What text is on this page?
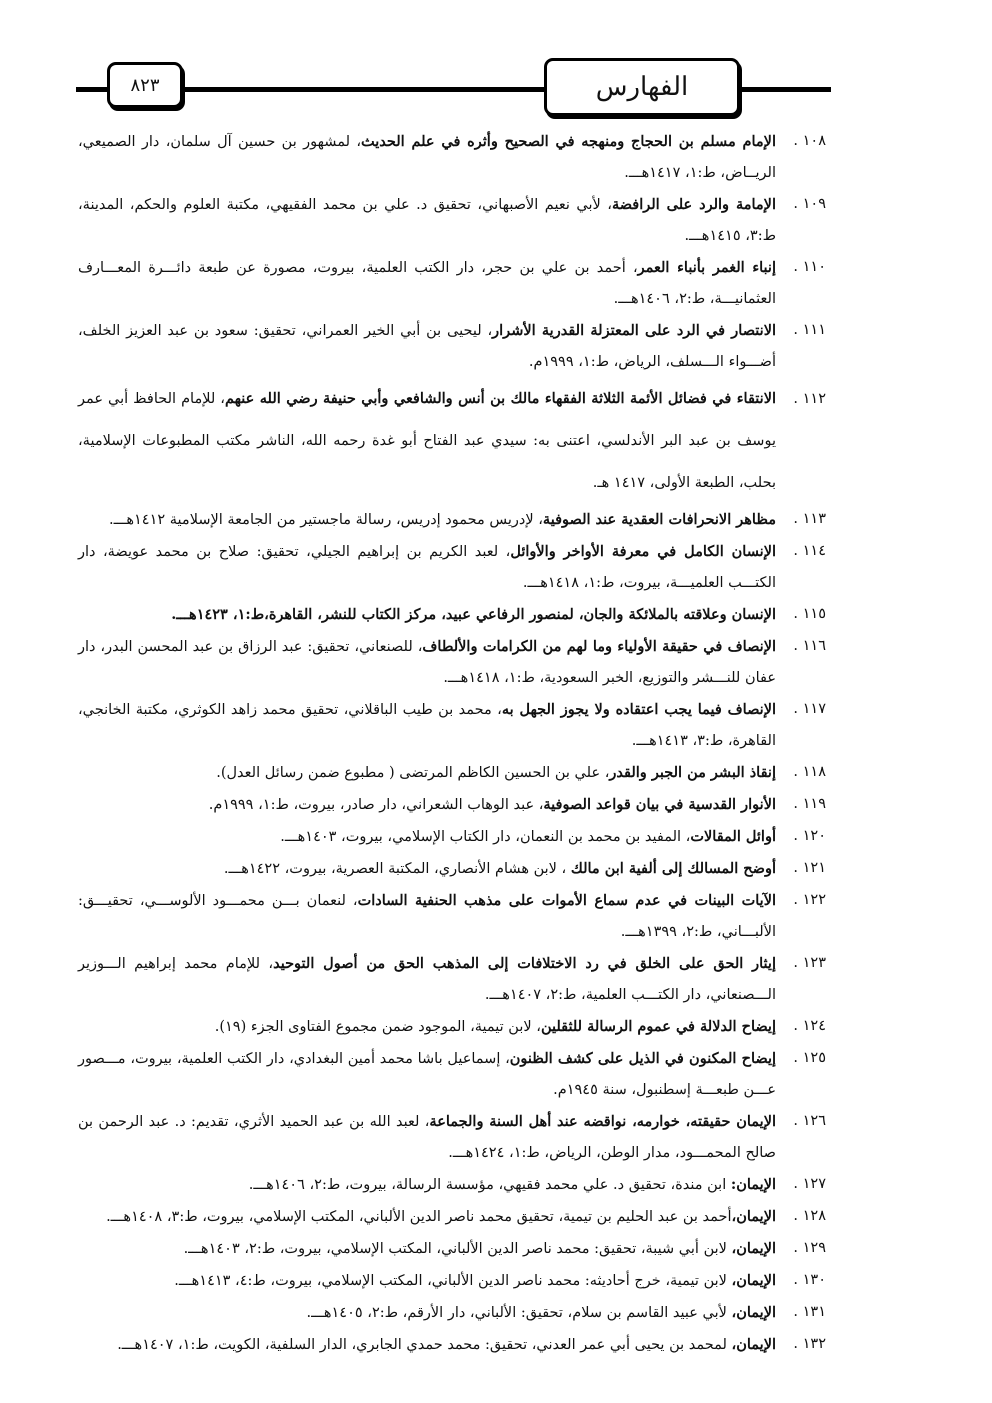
٨٢٣	الفهارس
١٠٨ .
الإمام مسلم بن الحجاج ومنهجه في الصحيح وأثره في علم الحديث، لمشهور بن حسين آل سلمان، دار الصميعي، الريــاض، ط:١، ١٤١٧هـــ.
١٠٩ .
الإمامة والرد على الرافضة، لأبي نعيم الأصبهاني، تحقيق د. علي بن محمد الفقيهي، مكتبة العلوم والحكم، المدينة، ط:٣، ١٤١٥هـــ.
١١٠ .
إنباء الغمر بأنباء العمر، أحمد بن علي بن حجر، دار الكتب العلمية، بيروت، مصورة عن طبعة دائـــرة المعـــارف العثمانيـــة، ط:٢، ١٤٠٦هـــ.
١١١ .
الانتصار في الرد على المعتزلة القدرية الأشرار، ليحيى بن أبي الخير العمراني، تحقيق: سعود بن عبد العزيز الخلف، أضـــواء الـــسلف، الرياض، ط:١، ١٩٩٩م.
١١٢ .
الانتقاء في فضائل الأئمة الثلاثة الفقهاء مالك بن أنس والشافعي وأبي حنيفة رضي الله عنهم، للإمام الحافظ أبي عمر يوسف بن عبد البر الأندلسي، اعتنى به: سيدي عبد الفتاح أبو غدة رحمه الله، الناشر مكتب المطبوعات الإسلامية، بحلب، الطبعة الأولى، ١٤١٧ هـ.
١١٣ .
مظاهر الانحرافات العقدية عند الصوفية، لإدريس محمود إدريس، رسالة ماجستير من الجامعة الإسلامية ١٤١٢هـــ.
١١٤ .
الإنسان الكامل في معرفة الأواخر والأوائل، لعبد الكريم بن إبراهيم الجيلي، تحقيق: صلاح بن محمد عويضة، دار الكتـــب العلميـــة، بيروت، ط:١، ١٤١٨هـــ.
١١٥ .
الإنسان وعلاقته بالملائكة والجان، لمنصور الرفاعي عبيد، مركز الكتاب للنشر، القاهرة،ط:١، ١٤٢٣هـــ.
١١٦ .
الإنصاف في حقيقة الأولياء وما لهم من الكرامات والألطاف، للصنعاني، تحقيق: عبد الرزاق بن عبد المحسن البدر، دار عفان للنـــشر والتوزيع، الخبر السعودية، ط:١، ١٤١٨هـــ.
١١٧ .
الإنصاف فيما يجب اعتقاده ولا يجوز الجهل به، محمد بن طيب الباقلاني، تحقيق محمد زاهد الكوثري، مكتبة الخانجي، القاهرة، ط:٣، ١٤١٣هـــ.
١١٨ .
إنقاذ البشر من الجبر والقدر، علي بن الحسين الكاظم المرتضى ( مطبوع ضمن رسائل العدل).
١١٩ .
الأنوار القدسية في بيان قواعد الصوفية، عبد الوهاب الشعراني، دار صادر، بيروت، ط:١، ١٩٩٩م.
١٢٠ .
أوائل المقالات، المفيد بن محمد بن النعمان، دار الكتاب الإسلامي، بيروت، ١٤٠٣هـــ.
١٢١ .
أوضح المسالك إلى ألفية ابن مالك ، لابن هشام الأنصاري، المكتبة العصرية، بيروت، ١٤٢٢هـــ.
١٢٢ .
الآيات البينات في عدم سماع الأموات على مذهب الحنفية السادات، لنعمان بـــن محمـــود الألوســـي، تحقيـــق: الألبـــاني، ط:٢، ١٣٩٩هـــ.
١٢٣ .
إيثار الحق على الخلق في رد الاختلافات إلى المذهب الحق من أصول التوحيد، للإمام محمد إبراهيم الـــوزير الـــصنعاني، دار الكتـــب العلمية، ط:٢، ١٤٠٧هـــ.
١٢٤ .
إيضاح الدلالة في عموم الرسالة للثقلين، لابن تيمية، الموجود ضمن مجموع الفتاوى الجزء (١٩).
١٢٥ .
إيضاح المكنون في الذيل على كشف الظنون، إسماعيل باشا محمد أمين البغدادي، دار الكتب العلمية، بيروت، مـــصور عـــن طبعـــة إسطنبول، سنة ١٩٤٥م.
١٢٦ .
الإيمان حقيقته، خوارمه، نواقضه عند أهل السنة والجماعة، لعبد الله بن عبد الحميد الأثري، تقديم: د. عبد الرحمن بن صالح المحمـــود، مدار الوطن، الرياض، ط:١، ١٤٢٤هـــ.
١٢٧ .
الإيمان: ابن مندة، تحقيق د. علي محمد فقيهي، مؤسسة الرسالة، بيروت، ط:٢، ١٤٠٦هـــ.
١٢٨ .
الإيمان،أحمد بن عبد الحليم بن تيمية، تحقيق محمد ناصر الدين الألباني، المكتب الإسلامي، بيروت، ط:٣، ١٤٠٨هـــ.
١٢٩ .
الإيمان، لابن أبي شيبة، تحقيق: محمد ناصر الدين الألباني، المكتب الإسلامي، بيروت، ط:٢، ١٤٠٣هـــ.
١٣٠ .
الإيمان، لابن تيمية، خرج أحاديثه: محمد ناصر الدين الألباني، المكتب الإسلامي، بيروت، ط:٤، ١٤١٣هـــ.
١٣١ .
الإيمان، لأبي عبيد القاسم بن سلام، تحقيق: الألباني، دار الأرقم، ط:٢، ١٤٠٥هـــ.
١٣٢ .
الإيمان، لمحمد بن يحيى أبي عمر العدني، تحقيق: محمد حمدي الجابري، الدار السلفية، الكويت، ط:١، ١٤٠٧هـــ.
